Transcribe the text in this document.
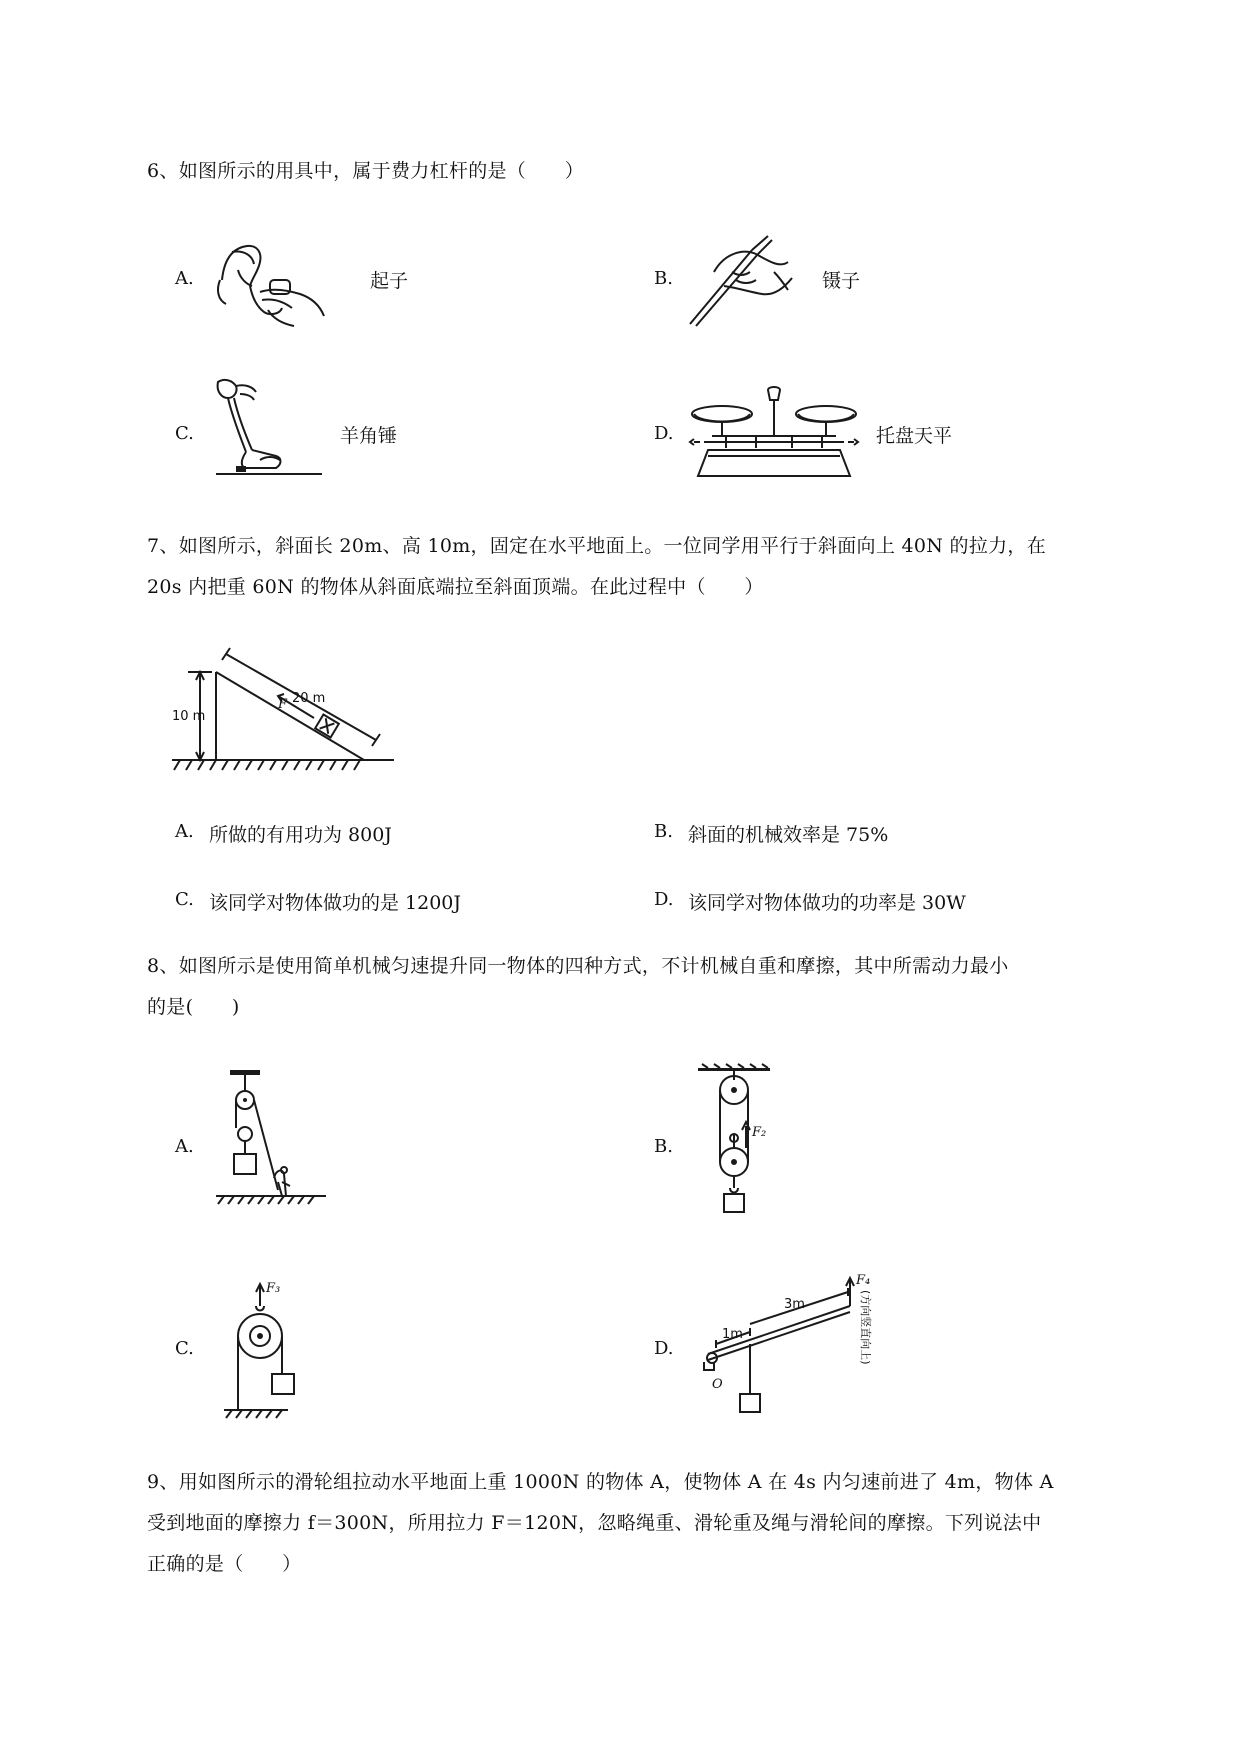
6、如图所示的用具中，属于费力杠杆的是（　　）
A.	起子	B.	镊子
C.	羊角锤	D.	托盘天平
7、如图所示，斜面长 20m、高 10m，固定在水平地面上。一位同学用平行于斜面向上 40N 的拉力，在
20s 内把重 60N 的物体从斜面底端拉至斜面顶端。在此过程中（　　）
10 m
20 m
F
A. 所做的有用功为 800J	B. 斜面的机械效率是 75%
C. 该同学对物体做功的是 1200J	D. 该同学对物体做功的功率是 30W
8、如图所示是使用简单机械匀速提升同一物体的四种方式，不计机械自重和摩擦，其中所需动力最小
的是(　　)
A.	B.
F₂
C.
F₃
D.
O
1m
3m
F₄
(方向竖直向上)
9、用如图所示的滑轮组拉动水平地面上重 1000N 的物体 A，使物体 A 在 4s 内匀速前进了 4m，物体 A
受到地面的摩擦力 f＝300N，所用拉力 F＝120N，忽略绳重、滑轮重及绳与滑轮间的摩擦。下列说法中
正确的是（　　）
